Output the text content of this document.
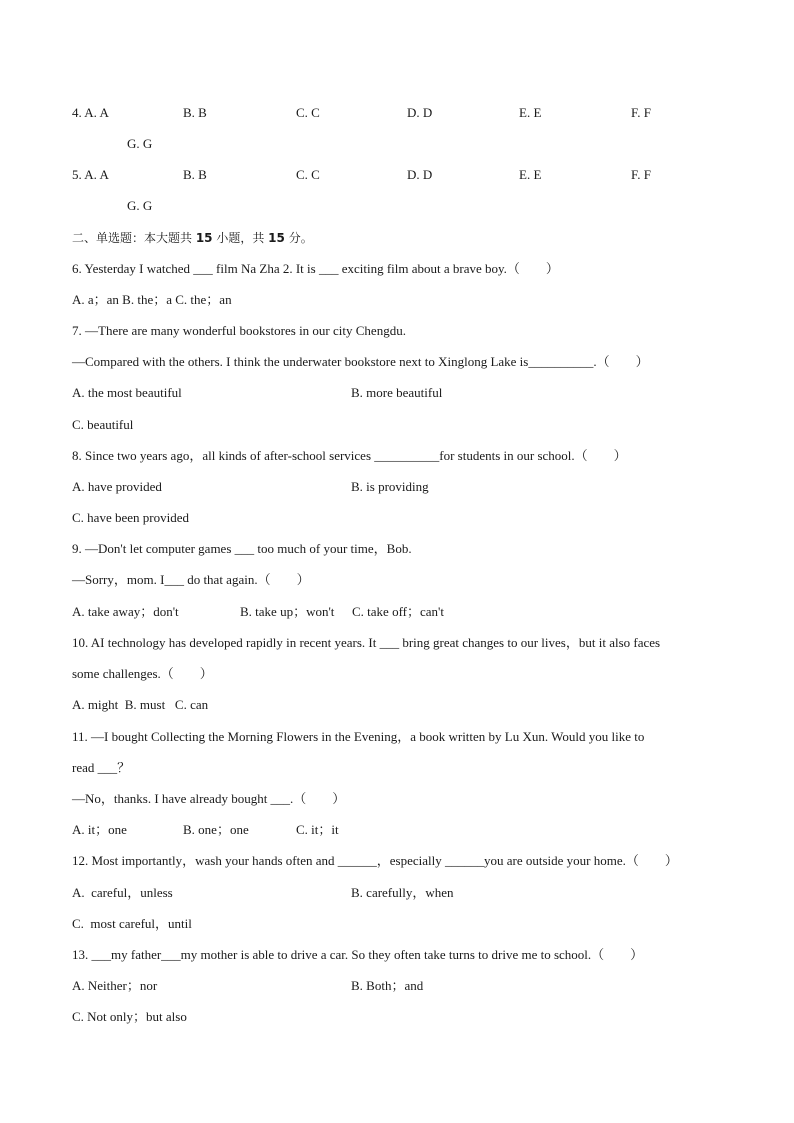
4. A. A	B. B	C. C	D. D	E. E	F. F
G. G
5. A. A	B. B	C. C	D. D	E. E	F. F
G. G
二、单选题：本大题共 15 小题，共 15 分。
6. Yesterday I watched ___ film Na Zha 2. It is ___ exciting film about a brave boy.（　　）
A. a；an B. the；a C. the；an
7. —There are many wonderful bookstores in our city Chengdu.
—Compared with the others. I think the underwater bookstore next to Xinglong Lake is__________.（　　）
A. the most beautiful	B. more beautiful
C. beautiful
8. Since two years ago，all kinds of after-school services __________for students in our school.（　　）
A. have provided	B. is providing
C. have been provided
9. —Don't let computer games ___ too much of your time，Bob.
—Sorry，mom. I___ do that again.（　　）
A. take away；don't	B. take up；won't C. take off；can't
10. AI technology has developed rapidly in recent years. It ___ bring great changes to our lives，but it also faces
some challenges.（　　）
A. might  B. must   C. can
11. —I bought Collecting the Morning Flowers in the Evening，a book written by Lu Xun. Would you like to
read ___？
—No，thanks. I have already bought ___.（　　）
A. it；one	B. one；one	C. it；it
12. Most importantly，wash your hands often and ______，especially ______you are outside your home.（　　）
A.  careful，unless	B. carefully，when
C.  most careful，until
13. ___my father___my mother is able to drive a car. So they often take turns to drive me to school.（　　）
A. Neither；nor	B. Both；and
C. Not only；but also
